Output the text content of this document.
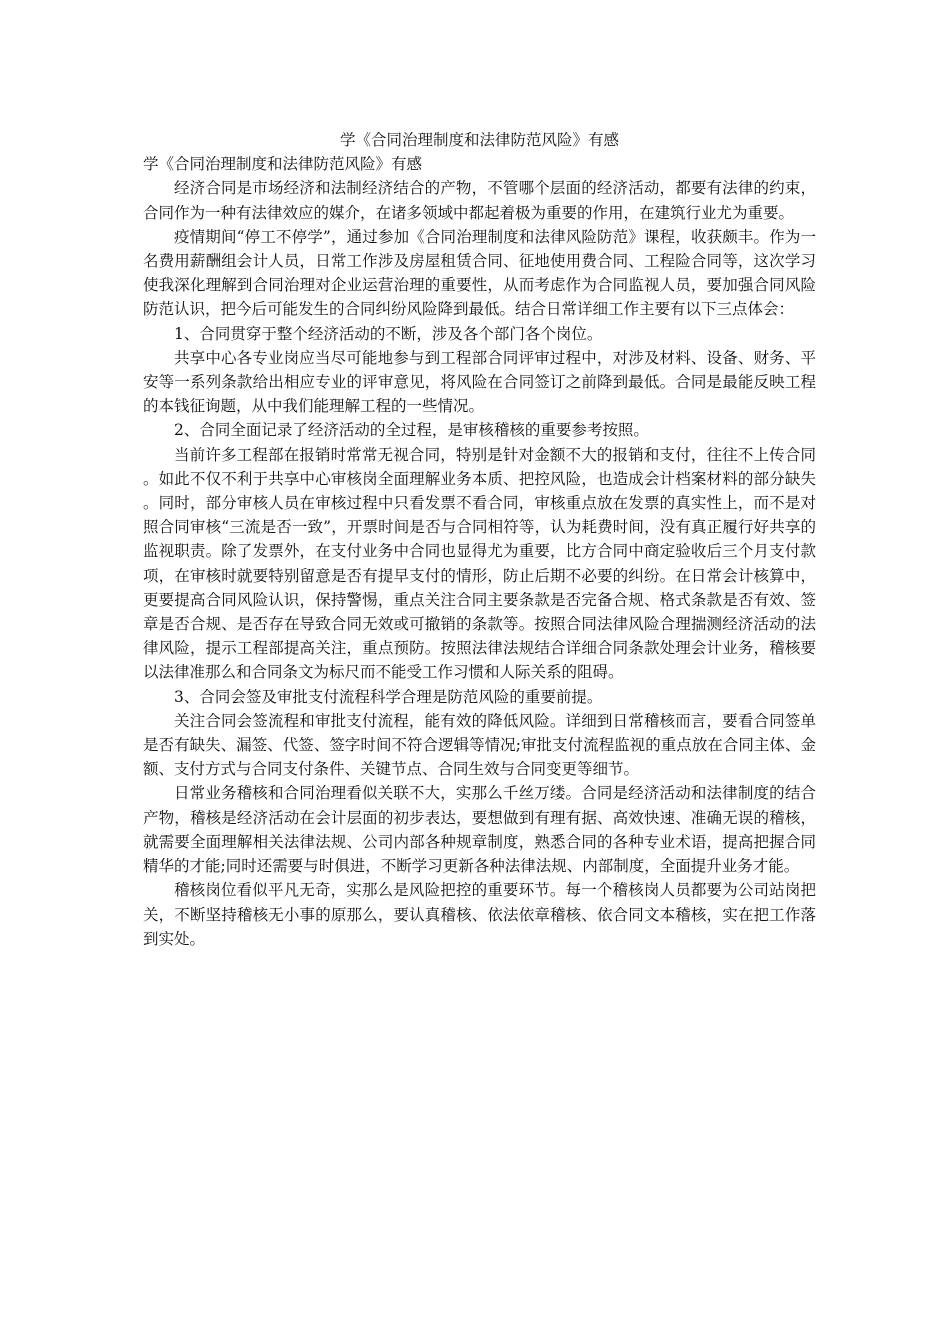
学《合同治理制度和法律防范风险》有感
学《合同治理制度和法律防范风险》有感

经济合同是市场经济和法制经济结合的产物，不管哪个层面的经济活动，都要有法律的约束，合同作为一种有法律效应的媒介，在诸多领域中都起着极为重要的作用，在建筑行业尤为重要。

疫情期间“停工不停学”，通过参加《合同治理制度和法律风险防范》课程，收获颇丰。作为一名费用薪酬组会计人员，日常工作涉及房屋租赁合同、征地使用费合同、工程险合同等，这次学习使我深化理解到合同治理对企业运营治理的重要性，从而考虑作为合同监视人员，要加强合同风险防范认识，把今后可能发生的合同纠纷风险降到最低。结合日常详细工作主要有以下三点体会：

1、合同贯穿于整个经济活动的不断，涉及各个部门各个岗位。

共享中心各专业岗应当尽可能地参与到工程部合同评审过程中，对涉及材料、设备、财务、平安等一系列条款给出相应专业的评审意见，将风险在合同签订之前降到最低。合同是最能反映工程的本钱征询题，从中我们能理解工程的一些情况。

2、合同全面记录了经济活动的全过程，是审核稽核的重要参考按照。

当前许多工程部在报销时常常无视合同，特别是针对金额不大的报销和支付，往往不上传合同。如此不仅不利于共享中心审核岗全面理解业务本质、把控风险，也造成会计档案材料的部分缺失。同时，部分审核人员在审核过程中只看发票不看合同，审核重点放在发票的真实性上，而不是对照合同审核“三流是否一致”，开票时间是否与合同相符等，认为耗费时间，没有真正履行好共享的监视职责。除了发票外，在支付业务中合同也显得尤为重要，比方合同中商定验收后三个月支付款项，在审核时就要特别留意是否有提早支付的情形，防止后期不必要的纠纷。在日常会计核算中，更要提高合同风险认识，保持警惕，重点关注合同主要条款是否完备合规、格式条款是否有效、签章是否合规、是否存在导致合同无效或可撤销的条款等。按照合同法律风险合理揣测经济活动的法律风险，提示工程部提高关注，重点预防。按照法律法规结合详细合同条款处理会计业务，稽核要以法律准那么和合同条文为标尺而不能受工作习惯和人际关系的阻碍。

3、合同会签及审批支付流程科学合理是防范风险的重要前提。

关注合同会签流程和审批支付流程，能有效的降低风险。详细到日常稽核而言，要看合同签单是否有缺失、漏签、代签、签字时间不符合逻辑等情况;审批支付流程监视的重点放在合同主体、金额、支付方式与合同支付条件、关键节点、合同生效与合同变更等细节。

日常业务稽核和合同治理看似关联不大，实那么千丝万缕。合同是经济活动和法律制度的结合产物，稽核是经济活动在会计层面的初步表达，要想做到有理有据、高效快速、准确无误的稽核，就需要全面理解相关法律法规、公司内部各种规章制度，熟悉合同的各种专业术语，提高把握合同精华的才能;同时还需要与时俱进，不断学习更新各种法律法规、内部制度，全面提升业务才能。

稽核岗位看似平凡无奇，实那么是风险把控的重要环节。每一个稽核岗人员都要为公司站岗把关，不断坚持稽核无小事的原那么，要认真稽核、依法依章稽核、依合同文本稽核，实在把工作落到实处。
